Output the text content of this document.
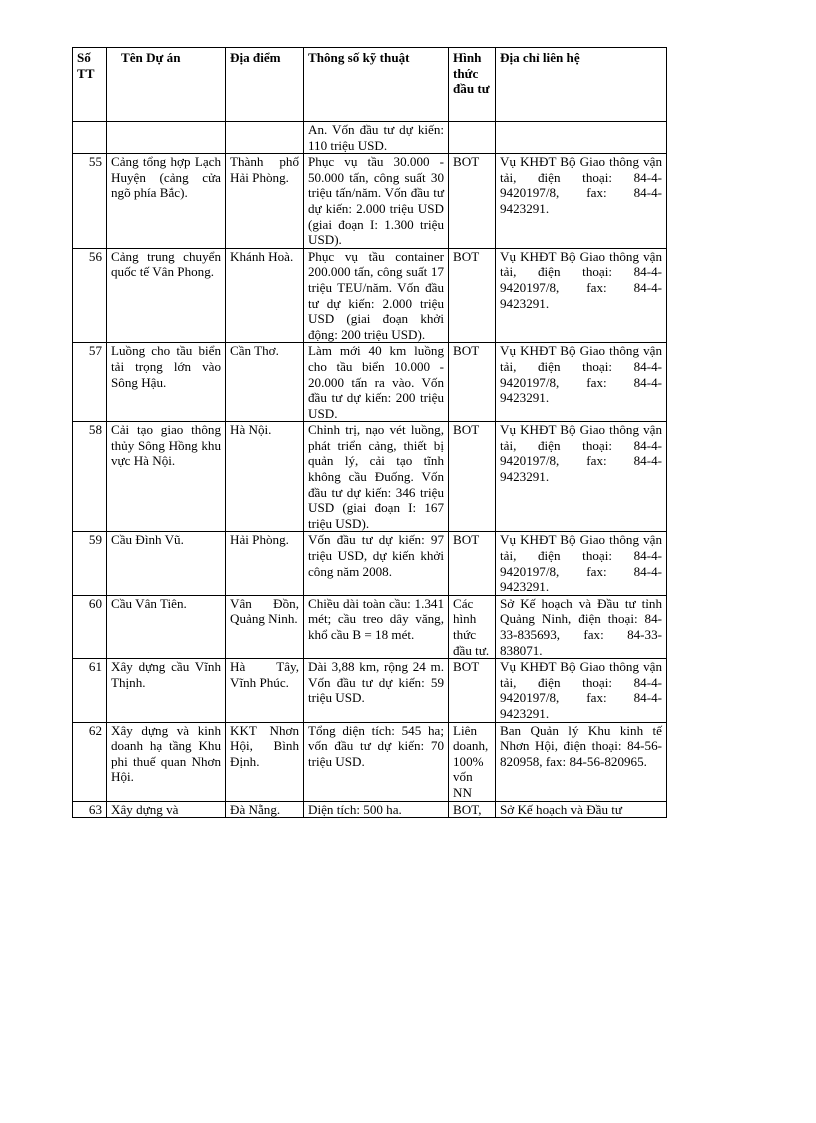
Số TT	Tên Dự án	Địa điểm	Thông số kỹ thuật	Hình thức đầu tư	Địa chỉ liên hệ
			An. Vốn đầu tư dự kiến: 110 triệu USD.		
55	Cảng tổng hợp Lạch Huyện (cảng cửa ngõ phía Bắc).	Thành phố Hải Phòng.	Phục vụ tầu 30.000 - 50.000 tấn, công suất 30 triệu tấn/năm. Vốn đầu tư dự kiến: 2.000 triệu USD (giai đoạn I: 1.300 triệu USD).	BOT	Vụ KHĐT Bộ Giao thông vận tải, điện thoại: 84-4-9420197/8, fax: 84-4-9423291.
56	Cảng trung chuyển quốc tế Vân Phong.	Khánh Hoà.	Phục vụ tầu container 200.000 tấn, công suất 17 triệu TEU/năm. Vốn đầu tư dự kiến: 2.000 triệu USD (giai đoạn khởi động: 200 triệu USD).	BOT	Vụ KHĐT Bộ Giao thông vận tải, điện thoại: 84-4-9420197/8, fax: 84-4-9423291.
57	Luồng cho tầu biển tải trọng lớn vào Sông Hậu.	Cần Thơ.	Làm mới 40 km luồng cho tầu biển 10.000 - 20.000 tấn ra vào. Vốn đầu tư dự kiến: 200 triệu USD.	BOT	Vụ KHĐT Bộ Giao thông vận tải, điện thoại: 84-4-9420197/8, fax: 84-4-9423291.
58	Cải tạo giao thông thủy Sông Hồng khu vực Hà Nội.	Hà Nội.	Chỉnh trị, nạo vét luồng, phát triển cảng, thiết bị quản lý, cải tạo tĩnh không cầu Đuống. Vốn đầu tư dự kiến: 346 triệu USD (giai đoạn I: 167 triệu USD).	BOT	Vụ KHĐT Bộ Giao thông vận tải, điện thoại: 84-4-9420197/8, fax: 84-4-9423291.
59	Cầu Đình Vũ.	Hải Phòng.	Vốn đầu tư dự kiến: 97 triệu USD, dự kiến khởi công năm 2008.	BOT	Vụ KHĐT Bộ Giao thông vận tải, điện thoại: 84-4-9420197/8, fax: 84-4-9423291.
60	Cầu Vân Tiên.	Vân Đồn, Quảng Ninh.	Chiều dài toàn cầu: 1.341 mét; cầu treo dây văng, khổ cầu B = 18 mét.	Các hình thức đầu tư.	Sở Kế hoạch và Đầu tư tỉnh Quảng Ninh, điện thoại: 84-33-835693, fax: 84-33-838071.
61	Xây dựng cầu Vĩnh Thịnh.	Hà Tây, Vĩnh Phúc.	Dài 3,88 km, rộng 24 m. Vốn đầu tư dự kiến: 59 triệu USD.	BOT	Vụ KHĐT Bộ Giao thông vận tải, điện thoại: 84-4-9420197/8, fax: 84-4-9423291.
62	Xây dựng và kinh doanh hạ tầng Khu phi thuế quan Nhơn Hội.	KKT Nhơn Hội, Bình Định.	Tổng diện tích: 545 ha; vốn đầu tư dự kiến: 70 triệu USD.	Liên doanh, 100% vốn NN	Ban Quản lý Khu kinh tế Nhơn Hội, điện thoại: 84-56-820958, fax: 84-56-820965.
63	Xây dựng và	Đà Nẵng.	Diện tích: 500 ha.	BOT,	Sở Kế hoạch và Đầu tư
